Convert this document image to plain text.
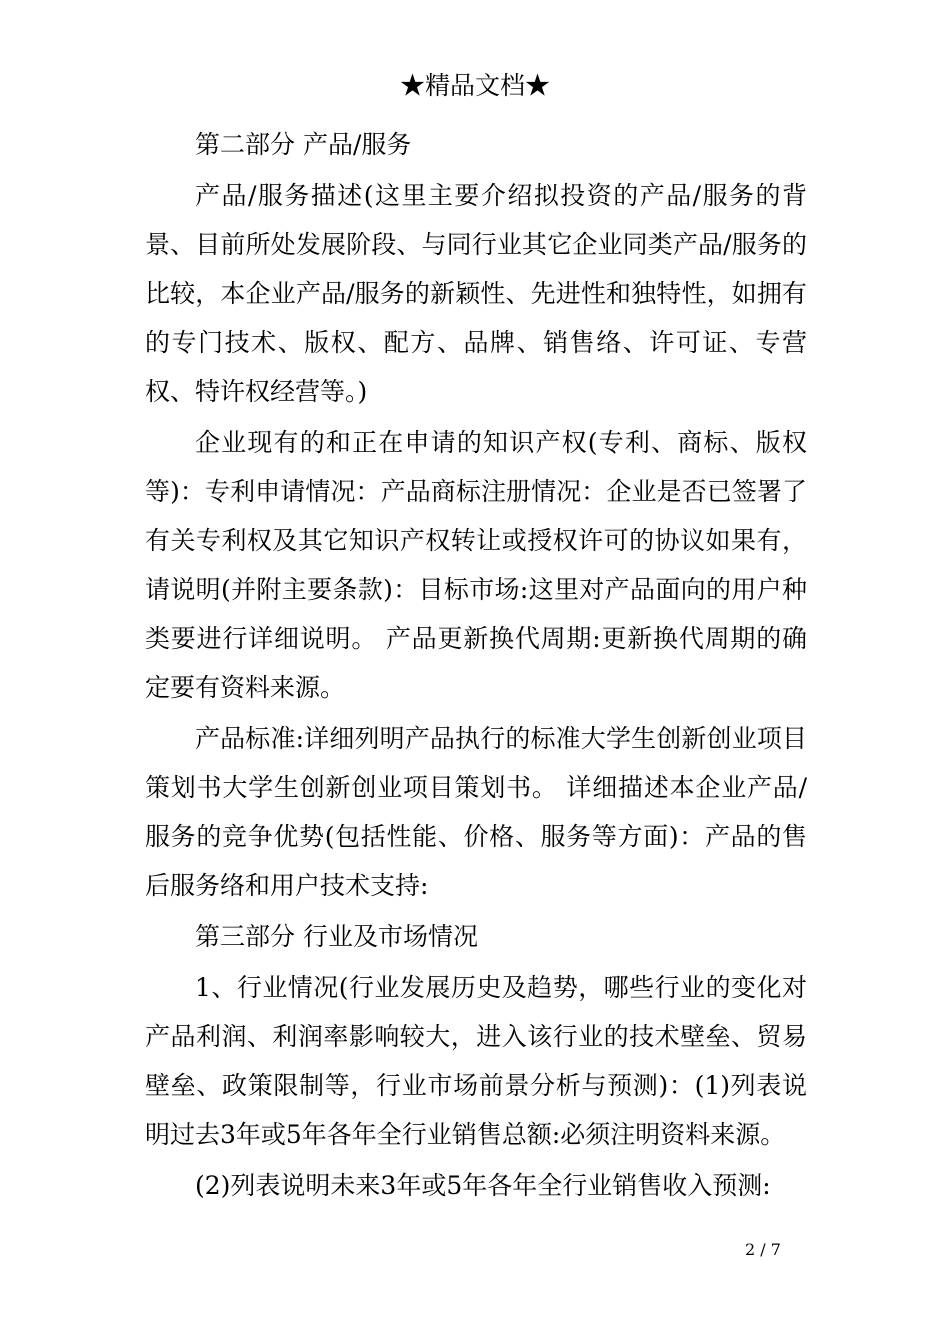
★精品文档★

第二部分 产品/服务

产品/服务描述(这里主要介绍拟投资的产品/服务的背景、目前所处发展阶段、与同行业其它企业同类产品/服务的比较，本企业产品/服务的新颖性、先进性和独特性，如拥有的专门技术、版权、配方、品牌、销售络、许可证、专营权、特许权经营等。)

企业现有的和正在申请的知识产权(专利、商标、版权等)：专利申请情况：产品商标注册情况：企业是否已签署了有关专利权及其它知识产权转让或授权许可的协议如果有，请说明(并附主要条款)：目标市场:这里对产品面向的用户种类要进行详细说明。 产品更新换代周期:更新换代周期的确定要有资料来源。

产品标准:详细列明产品执行的标准大学生创新创业项目策划书大学生创新创业项目策划书。 详细描述本企业产品/服务的竞争优势(包括性能、价格、服务等方面)：产品的售后服务络和用户技术支持:

第三部分 行业及市场情况

1、行业情况(行业发展历史及趋势，哪些行业的变化对产品利润、利润率影响较大，进入该行业的技术壁垒、贸易壁垒、政策限制等，行业市场前景分析与预测)：(1)列表说明过去3年或5年各年全行业销售总额:必须注明资料来源。

(2)列表说明未来3年或5年各年全行业销售收入预测:

2 / 7
